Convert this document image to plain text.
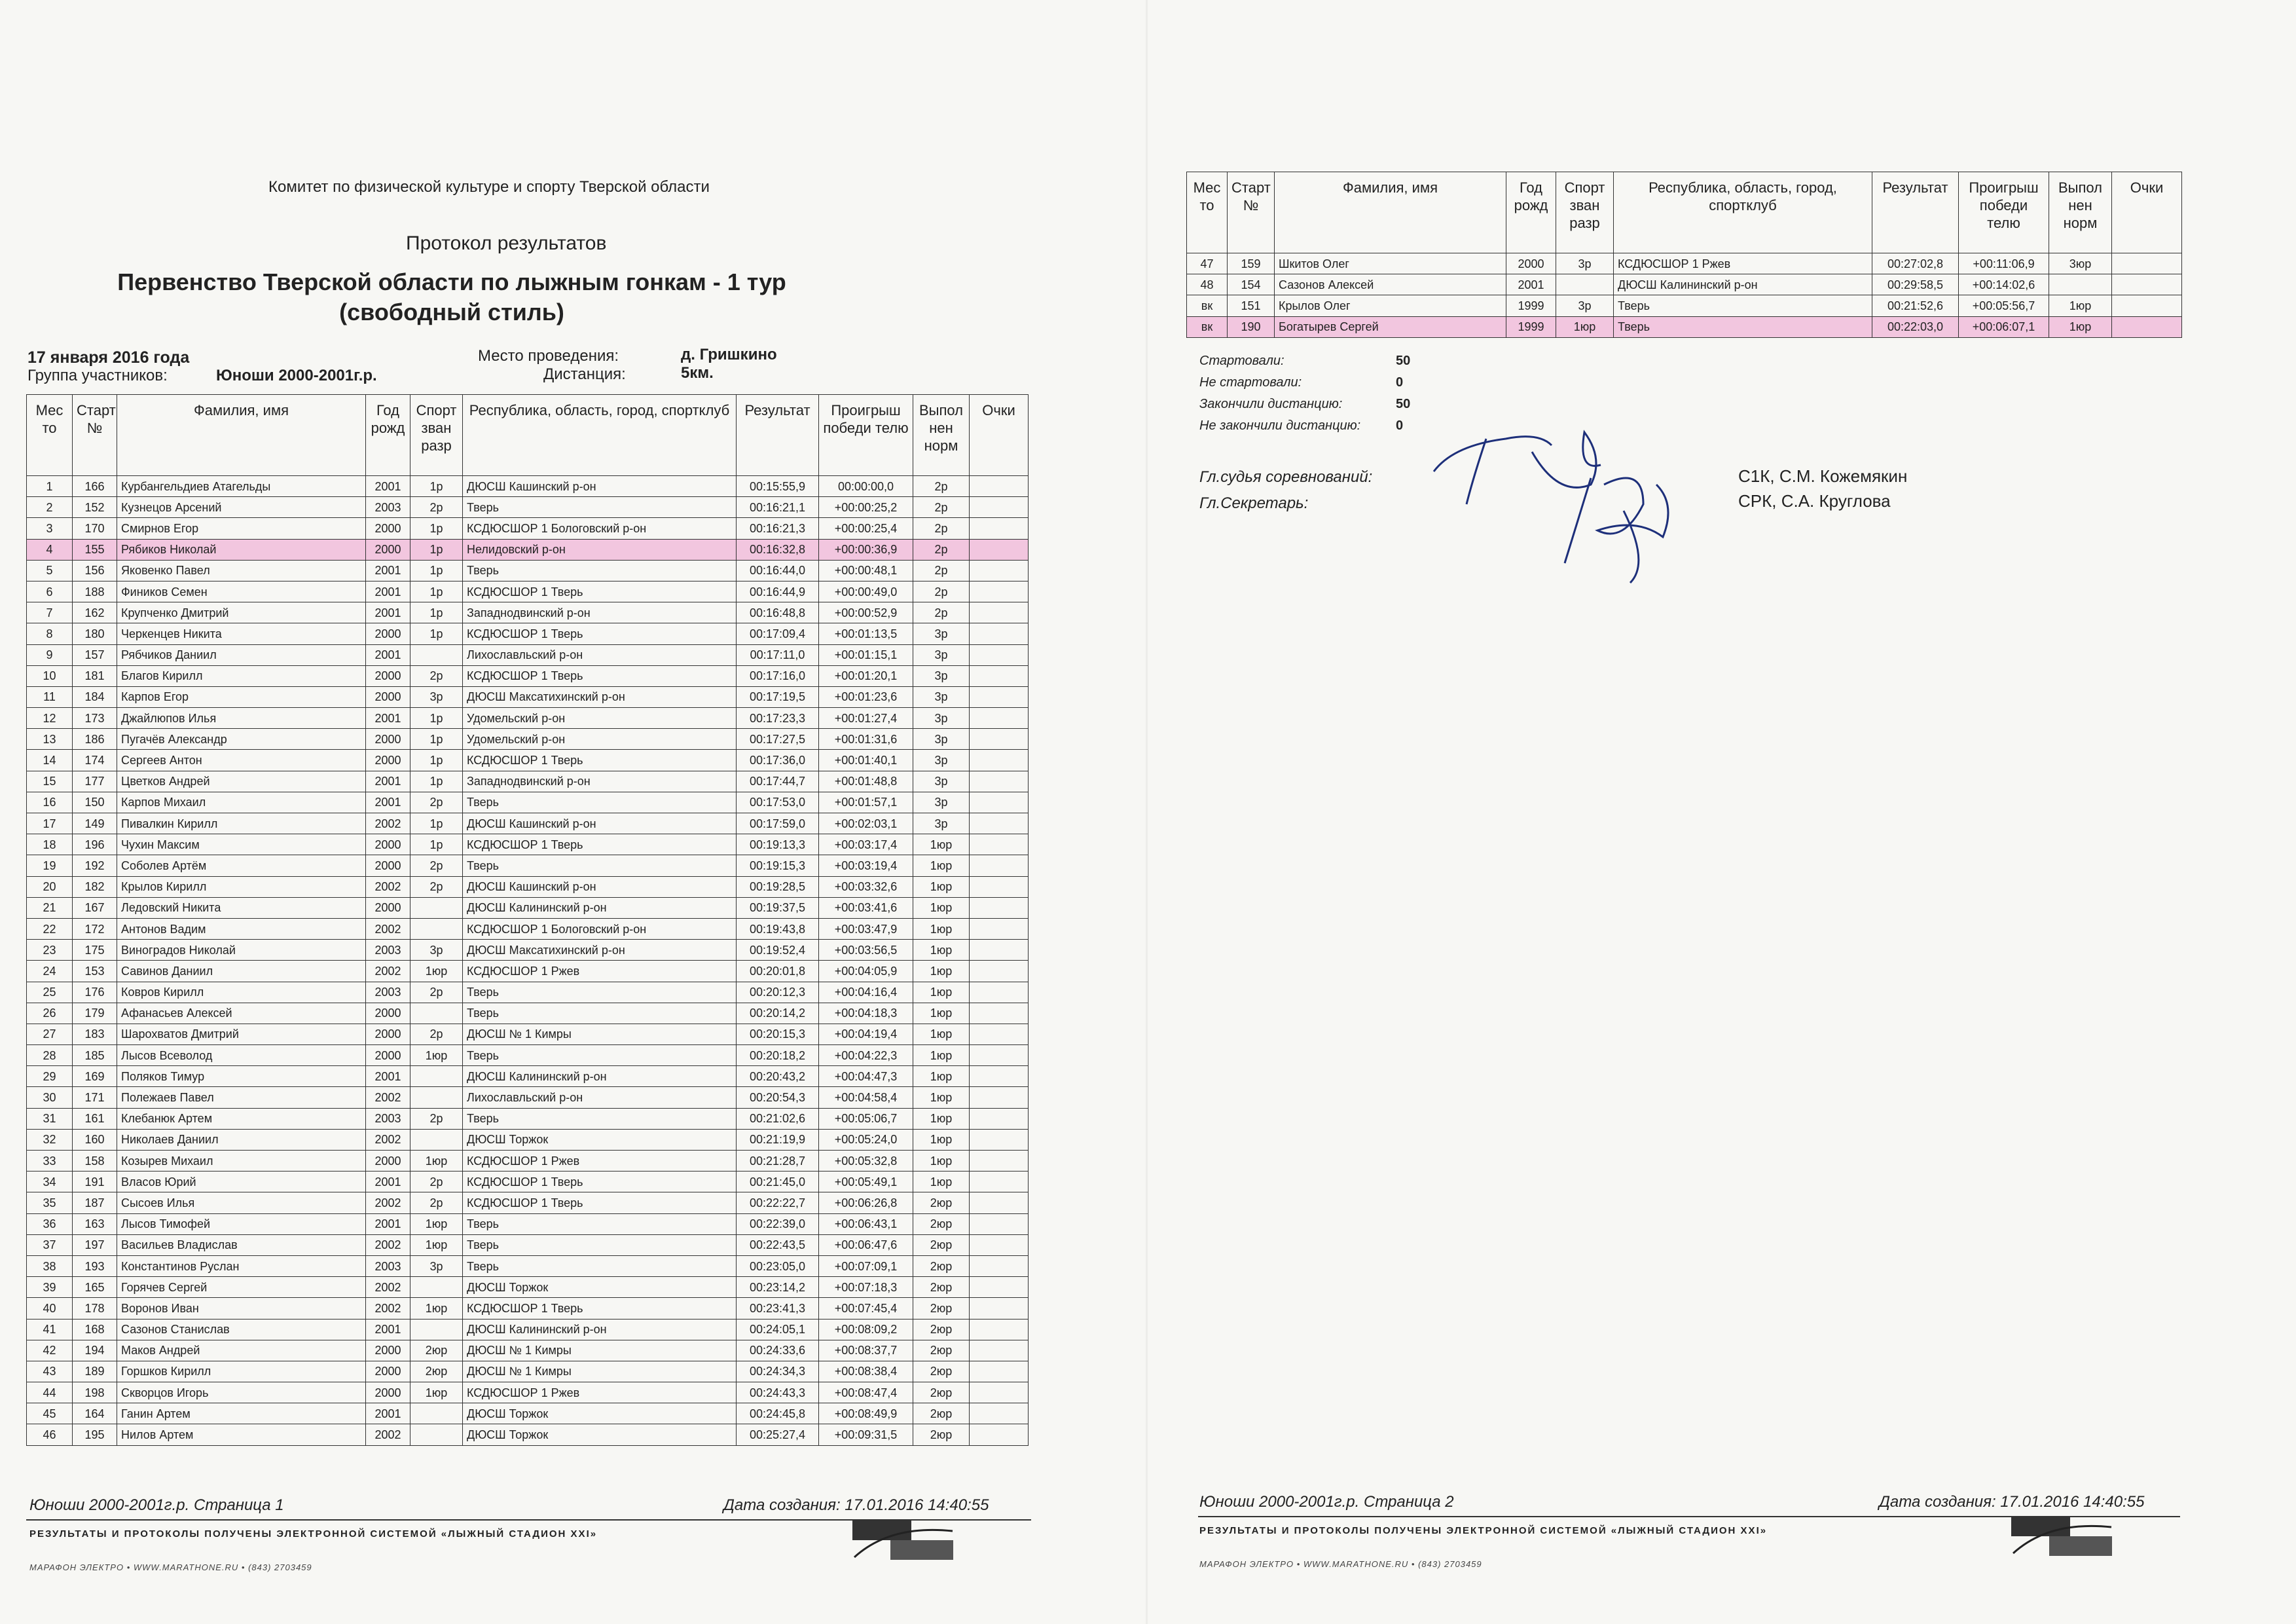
Комитет по физической культуре и спорту Тверской области
Протокол результатов
Первенство Тверской области по лыжным гонкам - 1 тур
(свободный стиль)
17 января 2016 года
Группа участников:	Юноши 2000-2001г.р.
Место проведения:	д. Гришкино
Дистанция:	5км.
Мес то	Старт №	Фамилия, имя	Год рожд	Спорт зван разр	Республика, область, город, спортклуб	Результат	Проигрыш победи телю	Выпол нен норм	Очки
1	166	Курбангельдиев Атагельды	2001	1р	ДЮСШ Кашинский р-он	00:15:55,9	00:00:00,0	2р	
2	152	Кузнецов Арсений	2003	2р	Тверь	00:16:21,1	+00:00:25,2	2р	
3	170	Смирнов Егор	2000	1р	КСДЮСШОР 1 Бологовский р-он	00:16:21,3	+00:00:25,4	2р	
4	155	Рябиков Николай	2000	1р	Нелидовский р-он	00:16:32,8	+00:00:36,9	2р	
5	156	Яковенко Павел	2001	1р	Тверь	00:16:44,0	+00:00:48,1	2р	
6	188	Фиников Семен	2001	1р	КСДЮСШОР 1 Тверь	00:16:44,9	+00:00:49,0	2р	
7	162	Крупченко Дмитрий	2001	1р	Западнодвинский р-он	00:16:48,8	+00:00:52,9	2р	
8	180	Черкенцев Никита	2000	1р	КСДЮСШОР 1 Тверь	00:17:09,4	+00:01:13,5	3р	
9	157	Рябчиков Даниил	2001		Лихославльский р-он	00:17:11,0	+00:01:15,1	3р	
10	181	Благов Кирилл	2000	2р	КСДЮСШОР 1 Тверь	00:17:16,0	+00:01:20,1	3р	
11	184	Карпов Егор	2000	3р	ДЮСШ Максатихинский р-он	00:17:19,5	+00:01:23,6	3р	
12	173	Джайлюпов Илья	2001	1р	Удомельский р-он	00:17:23,3	+00:01:27,4	3р	
13	186	Пугачёв Александр	2000	1р	Удомельский р-он	00:17:27,5	+00:01:31,6	3р	
14	174	Сергеев Антон	2000	1р	КСДЮСШОР 1 Тверь	00:17:36,0	+00:01:40,1	3р	
15	177	Цветков Андрей	2001	1р	Западнодвинский р-он	00:17:44,7	+00:01:48,8	3р	
16	150	Карпов Михаил	2001	2р	Тверь	00:17:53,0	+00:01:57,1	3р	
17	149	Пивалкин Кирилл	2002	1р	ДЮСШ Кашинский р-он	00:17:59,0	+00:02:03,1	3р	
18	196	Чухин Максим	2000	1р	КСДЮСШОР 1 Тверь	00:19:13,3	+00:03:17,4	1юр	
19	192	Соболев Артём	2000	2р	Тверь	00:19:15,3	+00:03:19,4	1юр	
20	182	Крылов Кирилл	2002	2р	ДЮСШ Кашинский р-он	00:19:28,5	+00:03:32,6	1юр	
21	167	Ледовский Никита	2000		ДЮСШ Калининский р-он	00:19:37,5	+00:03:41,6	1юр	
22	172	Антонов Вадим	2002		КСДЮСШОР 1 Бологовский р-он	00:19:43,8	+00:03:47,9	1юр	
23	175	Виноградов Николай	2003	3р	ДЮСШ Максатихинский р-он	00:19:52,4	+00:03:56,5	1юр	
24	153	Савинов Даниил	2002	1юр	КСДЮСШОР 1 Ржев	00:20:01,8	+00:04:05,9	1юр	
25	176	Ковров Кирилл	2003	2р	Тверь	00:20:12,3	+00:04:16,4	1юр	
26	179	Афанасьев Алексей	2000		Тверь	00:20:14,2	+00:04:18,3	1юр	
27	183	Шарохватов Дмитрий	2000	2р	ДЮСШ № 1 Кимры	00:20:15,3	+00:04:19,4	1юр	
28	185	Лысов Всеволод	2000	1юр	Тверь	00:20:18,2	+00:04:22,3	1юр	
29	169	Поляков Тимур	2001		ДЮСШ Калининский р-он	00:20:43,2	+00:04:47,3	1юр	
30	171	Полежаев Павел	2002		Лихославльский р-он	00:20:54,3	+00:04:58,4	1юр	
31	161	Клебанюк Артем	2003	2р	Тверь	00:21:02,6	+00:05:06,7	1юр	
32	160	Николаев Даниил	2002		ДЮСШ Торжок	00:21:19,9	+00:05:24,0	1юр	
33	158	Козырев Михаил	2000	1юр	КСДЮСШОР 1 Ржев	00:21:28,7	+00:05:32,8	1юр	
34	191	Власов Юрий	2001	2р	КСДЮСШОР 1 Тверь	00:21:45,0	+00:05:49,1	1юр	
35	187	Сысоев Илья	2002	2р	КСДЮСШОР 1 Тверь	00:22:22,7	+00:06:26,8	2юр	
36	163	Лысов Тимофей	2001	1юр	Тверь	00:22:39,0	+00:06:43,1	2юр	
37	197	Васильев Владислав	2002	1юр	Тверь	00:22:43,5	+00:06:47,6	2юр	
38	193	Константинов Руслан	2003	3р	Тверь	00:23:05,0	+00:07:09,1	2юр	
39	165	Горячев Сергей	2002		ДЮСШ Торжок	00:23:14,2	+00:07:18,3	2юр	
40	178	Воронов Иван	2002	1юр	КСДЮСШОР 1 Тверь	00:23:41,3	+00:07:45,4	2юр	
41	168	Сазонов Станислав	2001		ДЮСШ Калининский р-он	00:24:05,1	+00:08:09,2	2юр	
42	194	Маков Андрей	2000	2юр	ДЮСШ № 1 Кимры	00:24:33,6	+00:08:37,7	2юр	
43	189	Горшков Кирилл	2000	2юр	ДЮСШ № 1 Кимры	00:24:34,3	+00:08:38,4	2юр	
44	198	Скворцов Игорь	2000	1юр	КСДЮСШОР 1 Ржев	00:24:43,3	+00:08:47,4	2юр	
45	164	Ганин Артем	2001		ДЮСШ Торжок	00:24:45,8	+00:08:49,9	2юр	
46	195	Нилов Артем	2002		ДЮСШ Торжок	00:25:27,4	+00:09:31,5	2юр	
Юноши 2000-2001г.р. Страница 1	Дата создания: 17.01.2016 14:40:55
РЕЗУЛЬТАТЫ И ПРОТОКОЛЫ ПОЛУЧЕНЫ ЭЛЕКТРОННОЙ СИСТЕМОЙ «ЛЫЖНЫЙ СТАДИОН XXI»
МАРАФОН ЭЛЕКТРО • WWW.MARATHONE.RU • (843) 2703459
Мес то	Старт №	Фамилия, имя	Год рожд	Спорт зван разр	Республика, область, город, спортклуб	Результат	Проигрыш победи телю	Выпол нен норм	Очки
47	159	Шкитов Олег	2000	3р	КСДЮСШОР 1 Ржев	00:27:02,8	+00:11:06,9	3юр	
48	154	Сазонов Алексей	2001		ДЮСШ Калининский р-он	00:29:58,5	+00:14:02,6		
вк	151	Крылов Олег	1999	3р	Тверь	00:21:52,6	+00:05:56,7	1юр	
вк	190	Богатырев Сергей	1999	1юр	Тверь	00:22:03,0	+00:06:07,1	1юр	
Стартовали:	50
Не стартовали:	0
Закончили дистанцию:	50
Не закончили дистанцию:	0
Гл.судья соревнований:
Гл.Секретарь:
С1К, С.М. Кожемякин
СРК, С.А. Круглова
Юноши 2000-2001г.р. Страница 2	Дата создания: 17.01.2016 14:40:55
РЕЗУЛЬТАТЫ И ПРОТОКОЛЫ ПОЛУЧЕНЫ ЭЛЕКТРОННОЙ СИСТЕМОЙ «ЛЫЖНЫЙ СТАДИОН XXI»
МАРАФОН ЭЛЕКТРО • WWW.MARATHONE.RU • (843) 2703459
